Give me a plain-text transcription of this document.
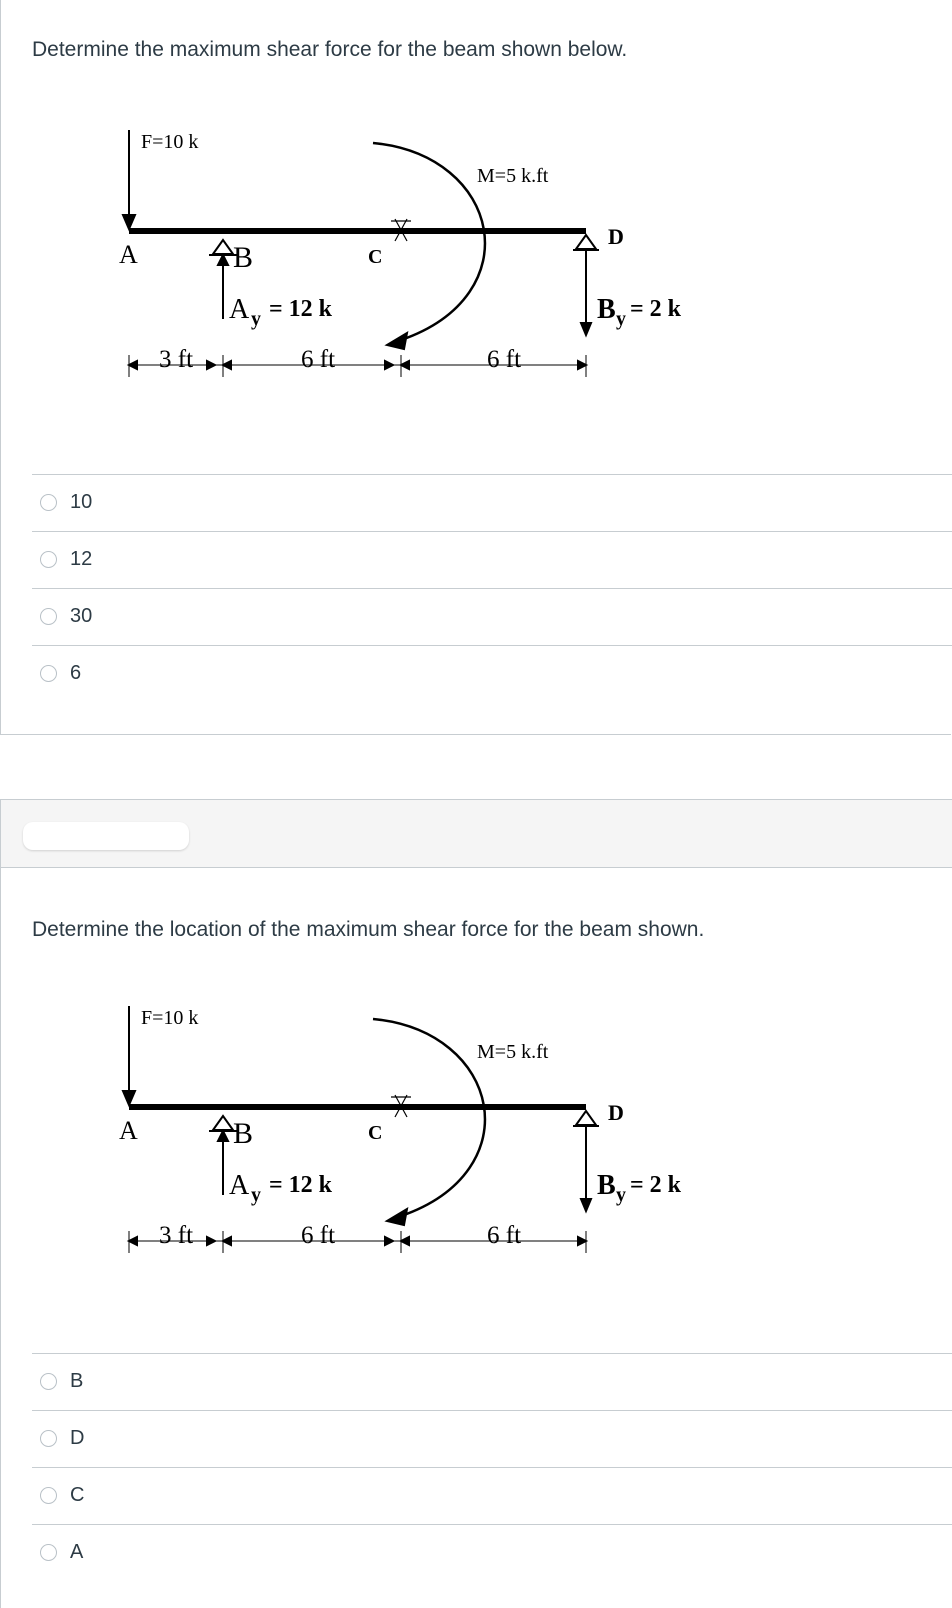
Determine the maximum shear force for the beam shown below.

F=10 k
M=5 k.ft
A	B	C
D
A y = 12 k	B y = 2 k
3 ft	6 ft	6 ft
10
12
30
6

Determine the location of the maximum shear force for the beam shown.

F=10 k
M=5 k.ft
A	B	C
D
A y = 12 k	B y = 2 k
3 ft	6 ft	6 ft
B
D
C
A
